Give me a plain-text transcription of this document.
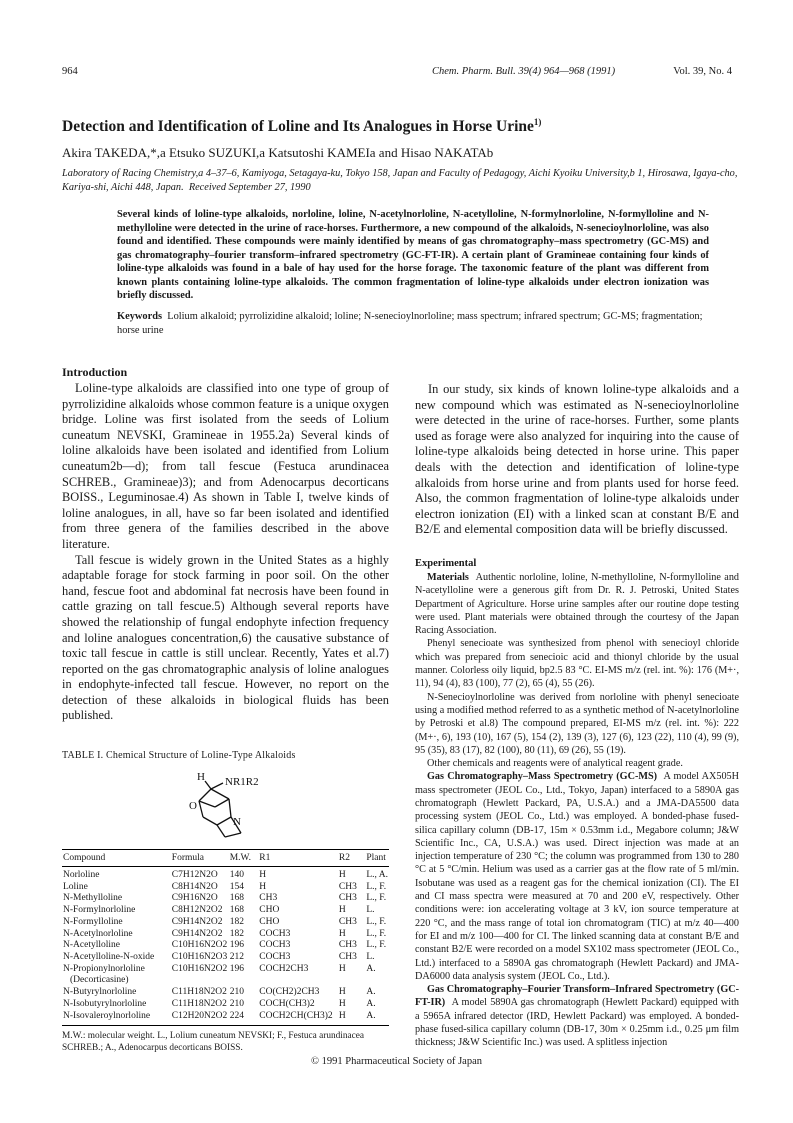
964	Chem. Pharm. Bull. 39(4) 964—968 (1991)	Vol. 39, No. 4
Detection and Identification of Loline and Its Analogues in Horse Urine$^{1)}$
Akira TAKEDA,*,a Etsuko SUZUKI,a Katsutoshi KAMEIa and Hisao NAKATAb
Laboratory of Racing Chemistry,a 4–37–6, Kamiyoga, Setagaya-ku, Tokyo 158, Japan and Faculty of Pedagogy, Aichi Kyoiku University,b 1, Hirosawa, Igaya-cho, Kariya-shi, Aichi 448, Japan. Received September 27, 1990
Several kinds of loline-type alkaloids, norloline, loline, N-acetylnorloline, N-acetylloline, N-formylnorloline, N-formylloline and N-methylloline were detected in the urine of race-horses. Furthermore, a new compound of the alkaloids, N-senecioylnorloline, was also found and identified. These compounds were mainly identified by means of gas chromatography–mass spectrometry (GC-MS) and gas chromatography–fourier transform–infrared spectrometry (GC-FT-IR). A certain plant of Gramineae containing four kinds of loline-type alkaloids was found in a bale of hay used for the horse forage. The taxonomic feature of the plant was different from known plants containing loline-type alkaloids. The common fragmentation of loline-type alkaloids under electron ionization was briefly discussed.
Keywords Lolium alkaloid; pyrrolizidine alkaloid; loline; N-senecioylnorloline; mass spectrum; infrared spectrum; GC-MS; fragmentation; horse urine
Introduction

Loline-type alkaloids are classified into one type of group of pyrrolizidine alkaloids whose common feature is a unique oxygen bridge. Loline was first isolated from the seeds of Lolium cuneatum NEVSKI, Gramineae in 1955.2a) Several kinds of loline alkaloids have been isolated and identified from Lolium cuneatum2b—d); from tall fescue (Festuca arundinacea SCHREB., Gramineae)3); and from Adenocarpus decorticans BOISS., Leguminosae.4) As shown in Table I, twelve kinds of loline analogues, in all, have so far been isolated and identified from three genera of the families described in the above literature.

Tall fescue is widely grown in the United States as a highly adaptable forage for stock farming in poor soil. On the other hand, fescue foot and abdominal fat necrosis have been found in cattle grazing on tall fescue.5) Although several reports have showed the relationship of fungal endophyte infection frequency and loline analogues concentration,6) the causative substance of toxic tall fescue in cattle is still unclear. Recently, Yates et al.7) reported on the gas chromatographic analysis of loline analogues in endophyte-infected tall fescue. However, no report on the detection of these alkaloids in biological fluids has been published.

TABLE I. Chemical Structure of Loline-Type Alkaloids
H
O
NR1R2
N
Compound	Formula	M.W.	R1	R2	Plant
Norloline	C7H12N2O	140	H	H	L., A.
Loline	C8H14N2O	154	H	CH3	L., F.
N-Methylloline	C9H16N2O	168	CH3	CH3	L., F.
N-Formylnorloline	C8H12N2O2	168	CHO	H	L.
N-Formylloline	C9H14N2O2	182	CHO	CH3	L., F.
N-Acetylnorloline	C9H14N2O2	182	COCH3	H	L., F.
N-Acetylloline	C10H16N2O2	196	COCH3	CH3	L., F.
N-Acetylloline-N-oxide	C10H16N2O3	212	COCH3	CH3	L.
N-Propionylnorloline	C10H16N2O2	196	COCH2CH3	H	A.
(Decorticasine)					
N-Butyrylnorloline	C11H18N2O2	210	CO(CH2)2CH3	H	A.
N-Isobutyrylnorloline	C11H18N2O2	210	COCH(CH3)2	H	A.
N-Isovaleroylnorloline	C12H20N2O2	224	COCH2CH(CH3)2	H	A.
M.W.: molecular weight. L., Lolium cuneatum NEVSKI; F., Festuca arundinacea SCHREB.; A., Adenocarpus decorticans BOISS.

In our study, six kinds of known loline-type alkaloids and a new compound which was estimated as N-senecioylnorloline were detected in the urine of race-horses. Further, some plants used as forage were also analyzed for inquiring into the cause of loline-type alkaloids being detected in horse urine. This paper deals with the detection and identification of loline-type alkaloids from horse urine and from plants used for horse feed. Also, the common fragmentation of loline-type alkaloids under electron ionization (EI) with a linked scan at constant B/E and B2/E and elemental composition data will be briefly discussed.

Experimental

Materials Authentic norloline, loline, N-methylloline, N-formylloline and N-acetylloline were a generous gift from Dr. R. J. Petroski, United States Department of Agriculture. Horse urine samples after our routine dope testing were used. Plant materials were obtained through the courtesy of the Japan Racing Association.

Phenyl senecioate was synthesized from phenol with senecioyl chloride which was prepared from senecioic acid and thionyl chloride by the usual manner. Colorless oily liquid, bp2.5 83 °C. EI-MS m/z (rel. int. %): 176 (M+·, 11), 94 (4), 83 (100), 77 (2), 65 (4), 55 (26).

N-Senecioylnorloline was derived from norloline with phenyl senecioate using a modified method referred to as a synthetic method of N-acetylnorloline by Petroski et al.8) The compound prepared, EI-MS m/z (rel. int. %): 222 (M+·, 6), 193 (10), 167 (5), 154 (2), 139 (3), 127 (6), 123 (22), 110 (4), 99 (9), 95 (35), 83 (17), 82 (100), 80 (11), 69 (26), 55 (19).

Other chemicals and reagents were of analytical reagent grade.

Gas Chromatography–Mass Spectrometry (GC-MS) A model AX505H mass spectrometer (JEOL Co., Ltd., Tokyo, Japan) interfaced to a 5890A gas chromatograph (Hewlett Packard, PA, U.S.A.) and a JMA-DA5500 data processing system (JEOL Co., Ltd.) was employed. A bonded-phase fused-silica capillary column (DB-17, 15m × 0.53mm i.d., Megabore column; J&W Scientific Inc., CA, U.S.A.) was used. Direct injection was made at an injection temperature of 230 °C; the column was programmed from 130 to 280 °C at 5 °C/min. Helium was used as a carrier gas at the flow rate of 5 ml/min. Isobutane was used as a reagent gas for the chemical ionization (CI). The EI and CI mass spectra were measured at 70 and 200 eV, respectively. Other conditions were: ion accelerating voltage at 3 kV, ion source temperature at 220 °C, and the mass range of total ion chromatogram (TIC) at m/z 40—400 for EI and m/z 100—400 for CI. The linked scanning data at constant B/E and constant B2/E were recorded on a model SX102 mass spectrometer (JEOL Co., Ltd.) interfaced to a 5890A gas chromatograph (Hewlett Packard) and JMA-DA6000 data analysis system (JEOL Co., Ltd.).

Gas Chromatography–Fourier Transform–Infrared Spectrometry (GC-FT-IR) A model 5890A gas chromatograph (Hewlett Packard) equipped with a 5965A infrared detector (IRD, Hewlett Packard) was employed. A bonded-phase fused-silica capillary column (DB-17, 30m × 0.25mm i.d., 0.25 μm film thickness; J&W Scientific Inc.) was used. A splitless injection

© 1991 Pharmaceutical Society of Japan
